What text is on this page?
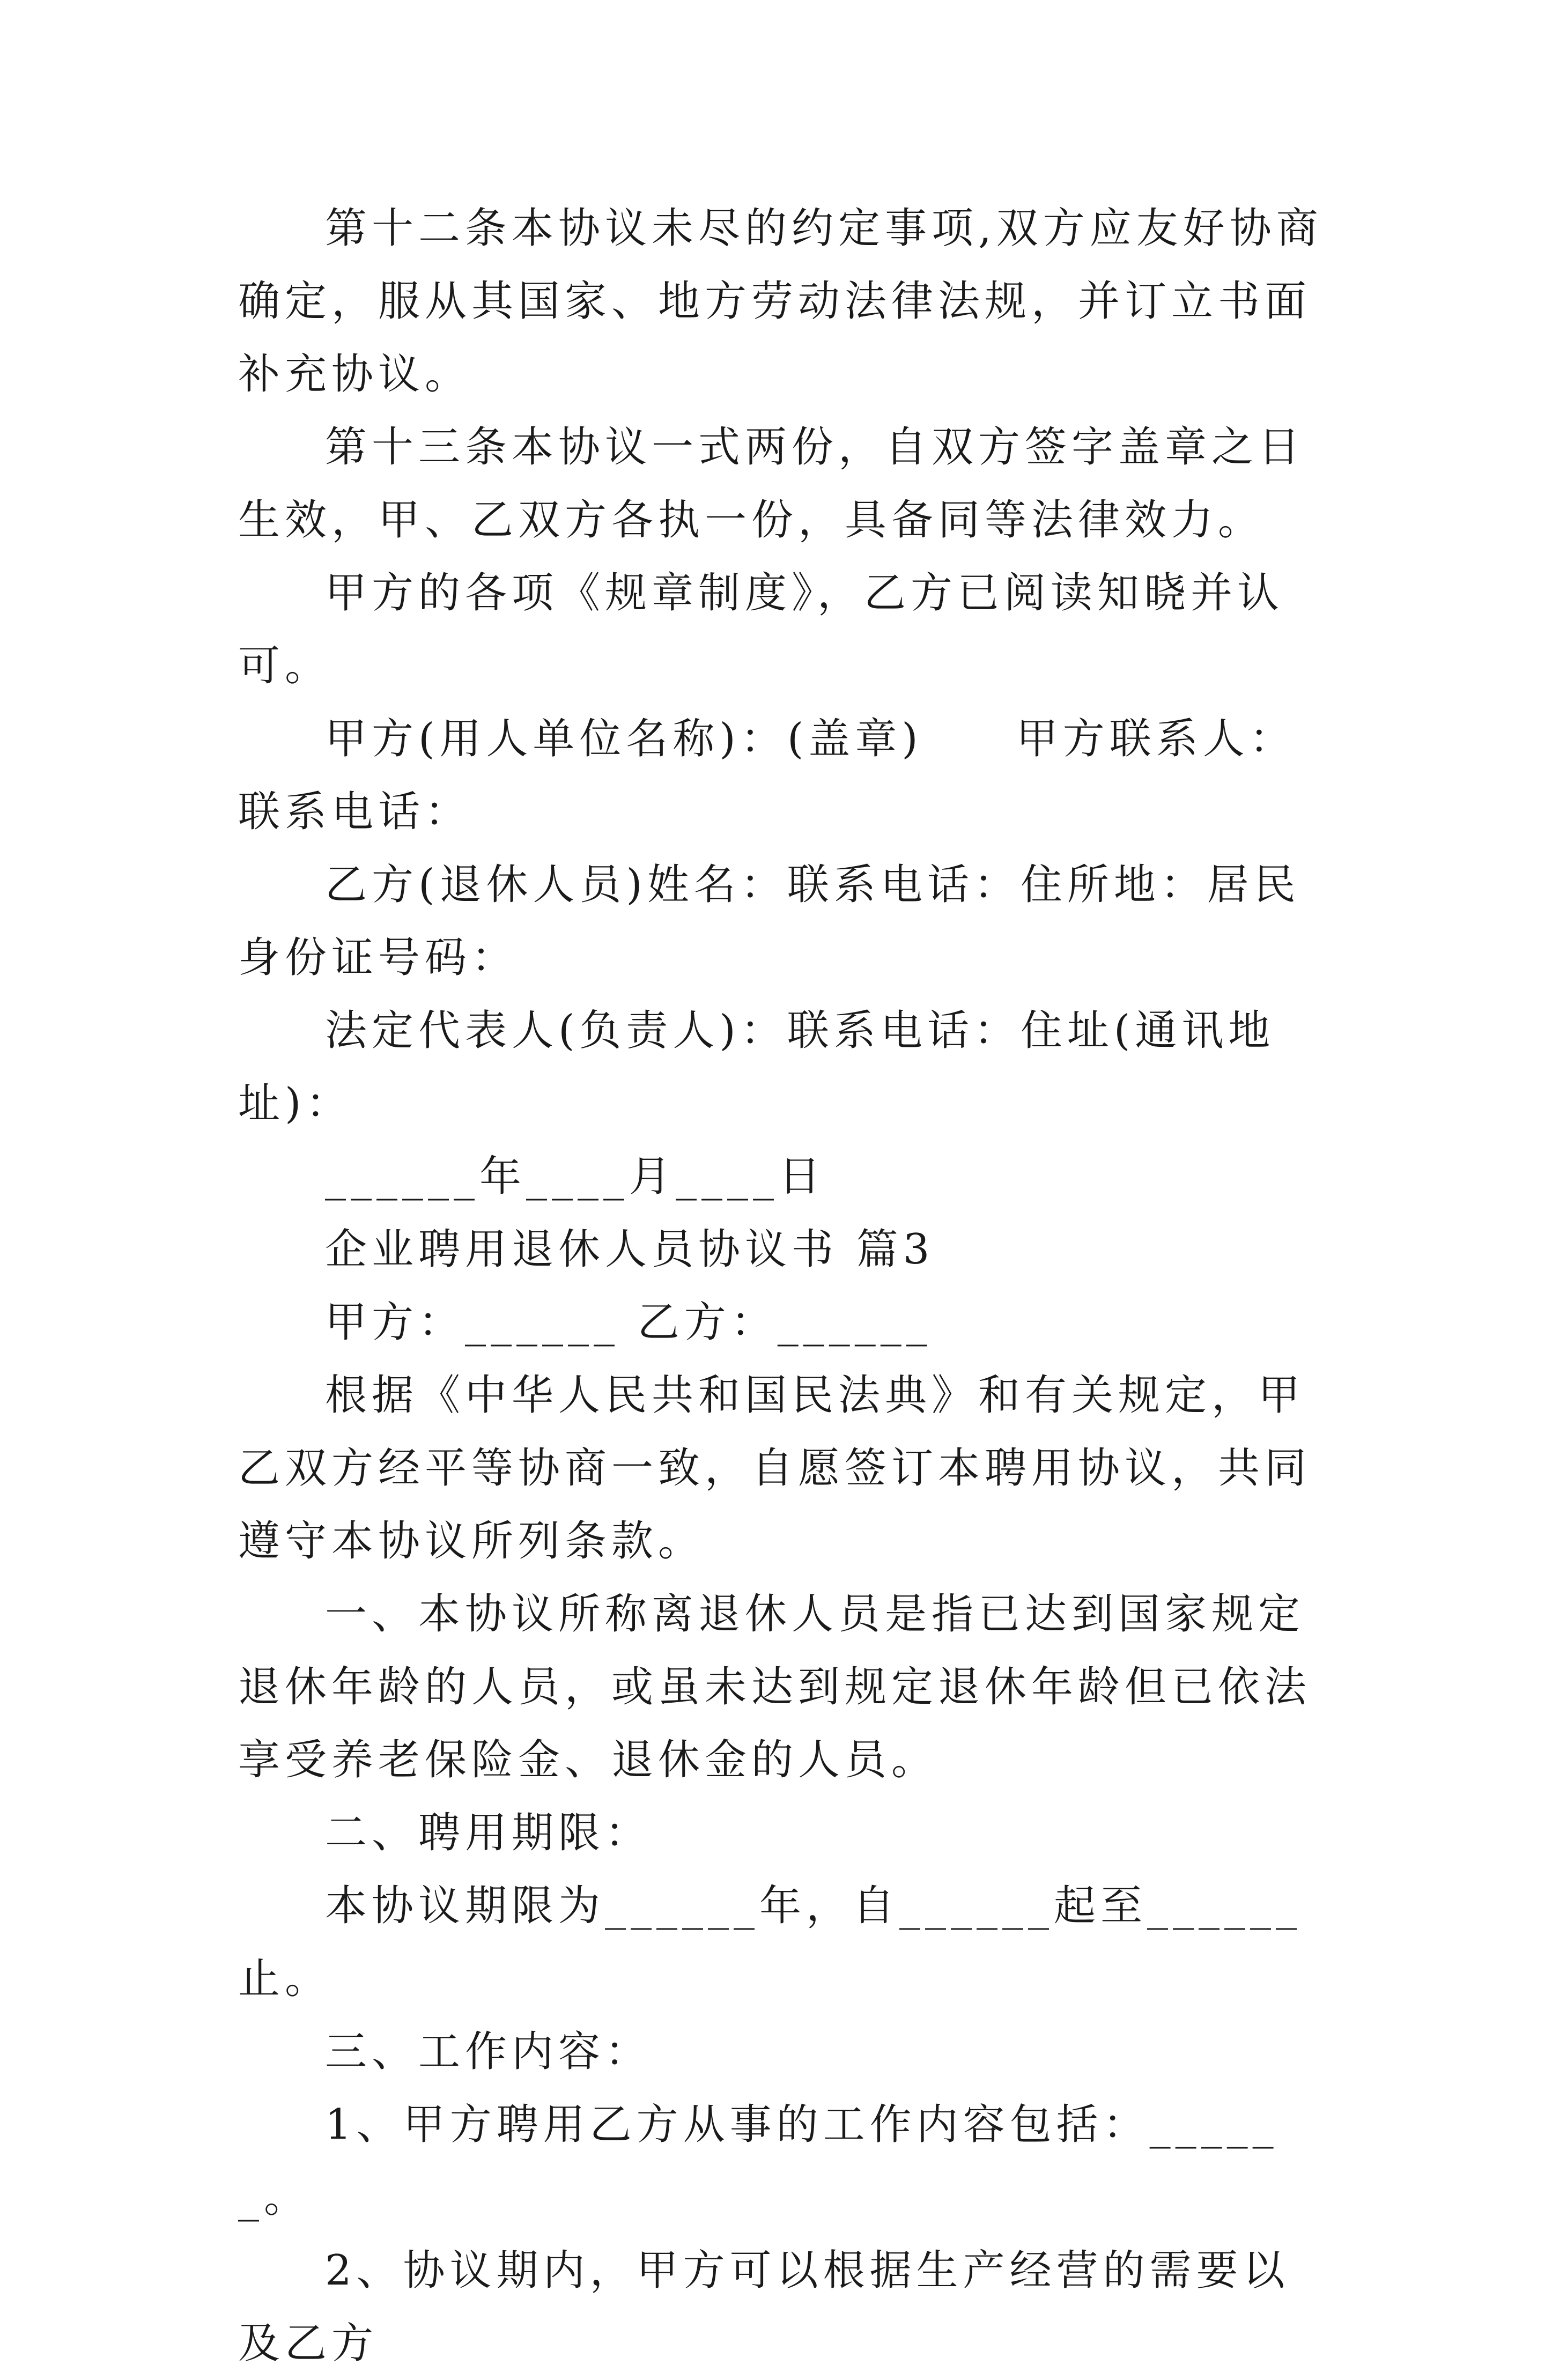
第十二条本协议未尽的约定事项,双方应友好协商确定，服从其国家、地方劳动法律法规，并订立书面补充协议。

第十三条本协议一式两份，自双方签字盖章之日生效，甲、乙双方各执一份，具备同等法律效力。

甲方的各项《规章制度》，乙方已阅读知晓并认可。

甲方(用人单位名称)：(盖章)　　甲方联系人：联系电话：

乙方(退休人员)姓名：联系电话：住所地：居民身份证号码：

法定代表人(负责人)：联系电话：住址(通讯地址)：

______年____月____日

企业聘用退休人员协议书 篇3

甲方：______ 乙方：______

根据《中华人民共和国民法典》和有关规定，甲乙双方经平等协商一致，自愿签订本聘用协议，共同遵守本协议所列条款。

一、本协议所称离退休人员是指已达到国家规定退休年龄的人员，或虽未达到规定退休年龄但已依法享受养老保险金、退休金的人员。

二、聘用期限：

本协议期限为______年，自______起至______止。

三、工作内容：

1、甲方聘用乙方从事的工作内容包括：______。

2、协议期内，甲方可以根据生产经营的需要以及乙方
